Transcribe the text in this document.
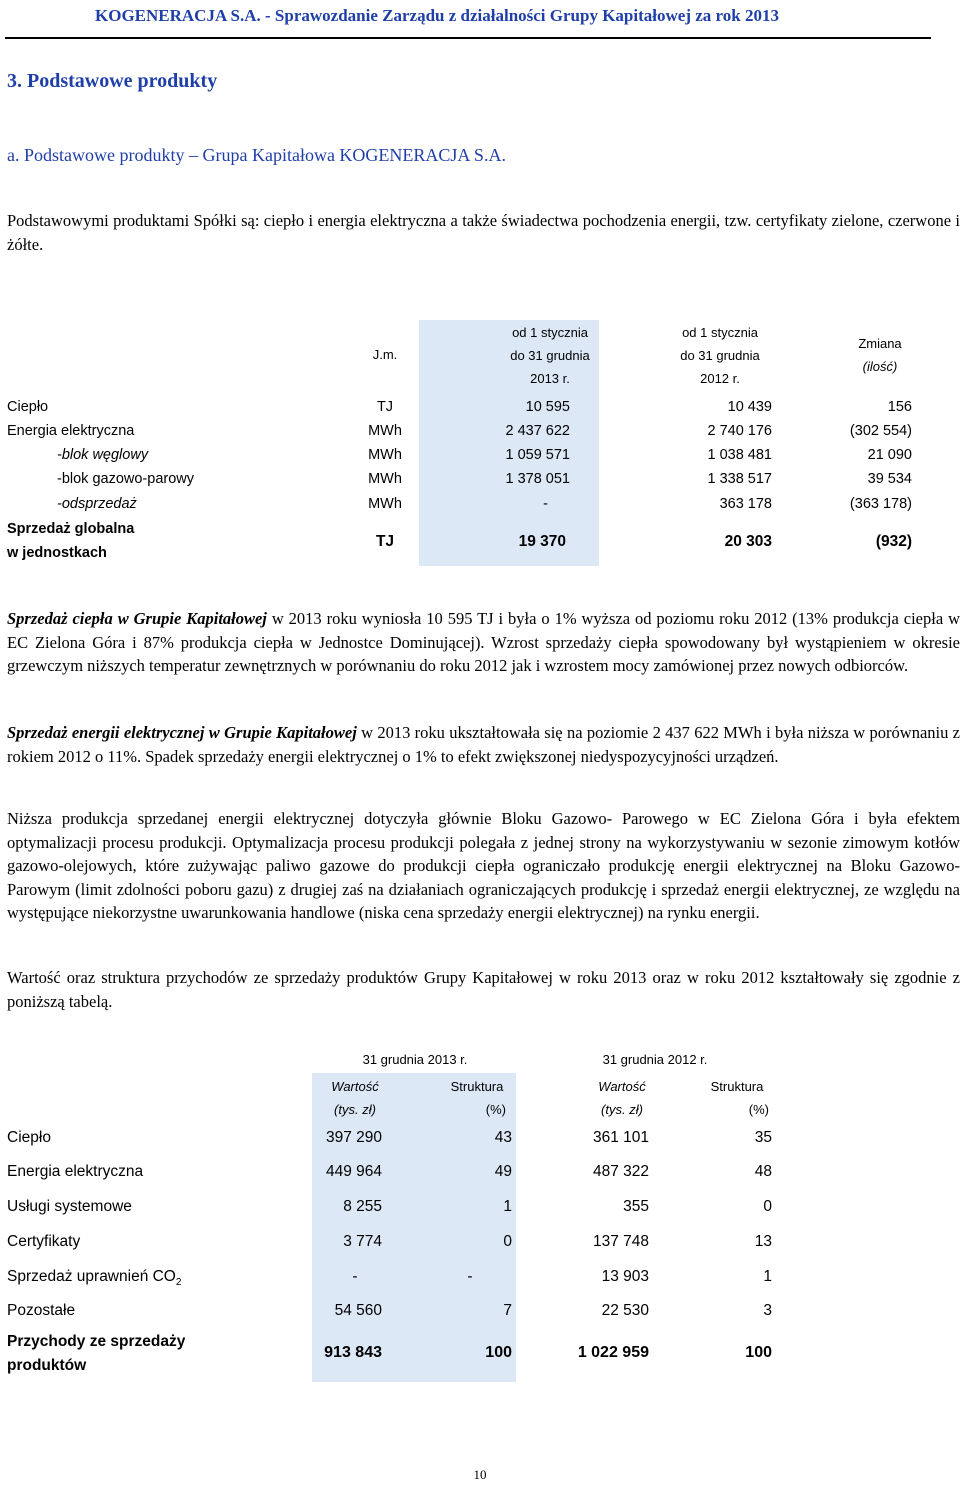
KOGENERACJA S.A. - Sprawozdanie Zarządu z działalności Grupy Kapitałowej za rok 2013
3. Podstawowe produkty
a. Podstawowe produkty – Grupa Kapitałowa KOGENERACJA S.A.
Podstawowymi produktami Spółki są: ciepło i energia elektryczna a także świadectwa pochodzenia energii, tzw. certyfikaty zielone, czerwone i żółte.
J.m.
od 1 stycznia
do 31 grudnia
2013 r.
od 1 stycznia
do 31 grudnia
2012 r.
Zmiana
(ilość)
Ciepło	TJ	10 595	10 439	156
Energia elektryczna	MWh	2 437 622	2 740 176	(302 554)
-blok węglowy	MWh	1 059 571	1 038 481	21 090
-blok gazowo-parowy	MWh	1 378 051	1 338 517	39 534
-odsprzedaż	MWh	-	363 178	(363 178)
Sprzedaż globalna
w jednostkach
TJ	19 370	20 303	(932)
Sprzedaż ciepła w Grupie Kapitałowej w 2013 roku wyniosła 10 595 TJ i była o 1% wyższa od poziomu roku 2012 (13% produkcja ciepła w EC Zielona Góra i 87% produkcja ciepła w Jednostce Dominującej). Wzrost sprzedaży ciepła spowodowany był wystąpieniem w okresie grzewczym niższych temperatur zewnętrznych w porównaniu do roku 2012 jak i wzrostem mocy zamówionej przez nowych odbiorców.
Sprzedaż energii elektrycznej w Grupie Kapitałowej w 2013 roku ukształtowała się na poziomie 2 437 622 MWh i była niższa w porównaniu z rokiem 2012 o 11%. Spadek sprzedaży energii elektrycznej o 1% to efekt zwiększonej niedyspozycyjności urządzeń.
Niższa produkcja sprzedanej energii elektrycznej dotyczyła głównie Bloku Gazowo- Parowego w EC Zielona Góra i była efektem optymalizacji procesu produkcji. Optymalizacja procesu produkcji polegała z jednej strony na wykorzystywaniu w sezonie zimowym kotłów gazowo-olejowych, które zużywając paliwo gazowe do produkcji ciepła ograniczało produkcję energii elektrycznej na Bloku Gazowo-Parowym (limit zdolności poboru gazu) z drugiej zaś na działaniach ograniczających produkcję i sprzedaż energii elektrycznej, ze względu na występujące niekorzystne uwarunkowania handlowe (niska cena sprzedaży energii elektrycznej) na rynku energii.
Wartość oraz struktura przychodów ze sprzedaży produktów Grupy Kapitałowej w roku 2013 oraz w roku 2012 kształtowały się zgodnie z poniższą tabelą.
31 grudnia 2013 r.	31 grudnia 2012 r.
Wartość
(tys. zł)
Struktura
(%)
Wartość
(tys. zł)
Struktura
(%)
Ciepło	397 290	43	361 101	35
Energia elektryczna	449 964	49	487 322	48
Usługi systemowe	8 255	1	355	0
Certyfikaty	3 774	0	137 748	13
Sprzedaż uprawnień $CO_2$	-	-	13 903	1
Pozostałe	54 560	7	22 530	3
Przychody ze sprzedaży
produktów
913 843	100	1 022 959	100
10
